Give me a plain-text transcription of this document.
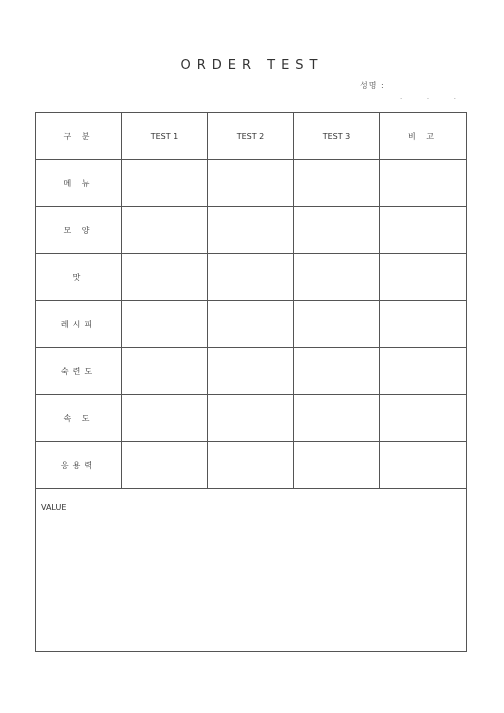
ORDER TEST
성명 :
.	.	.
구 분	TEST 1	TEST 2	TEST 3	비 고
메 뉴				
모 양				
맛				
레시피				
숙련도				
속 도				
응용력				
VALUE				
